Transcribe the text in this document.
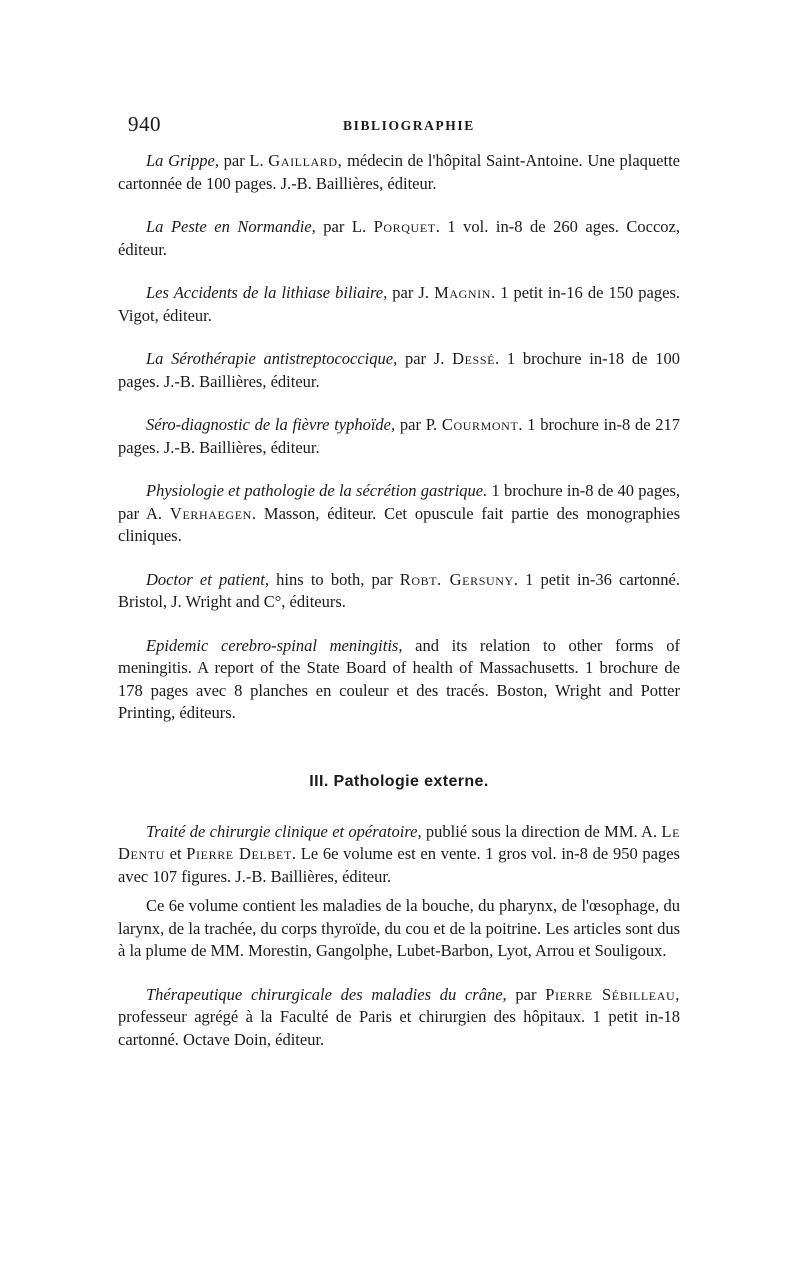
940	BIBLIOGRAPHIE

La Grippe, par L. Gaillard, médecin de l'hôpital Saint-Antoine. Une plaquette cartonnée de 100 pages. J.-B. Baillières, éditeur.

La Peste en Normandie, par L. Porquet. 1 vol. in-8 de 260 ages. Coccoz, éditeur.

Les Accidents de la lithiase biliaire, par J. Magnin. 1 petit in-16 de 150 pages. Vigot, éditeur.

La Sérothérapie antistreptococcique, par J. Dessé. 1 brochure in-18 de 100 pages. J.-B. Baillières, éditeur.

Séro-diagnostic de la fièvre typhoïde, par P. Courmont. 1 brochure in-8 de 217 pages. J.-B. Baillières, éditeur.

Physiologie et pathologie de la sécrétion gastrique. 1 brochure in-8 de 40 pages, par A. Verhaegen. Masson, éditeur. Cet opuscule fait partie des monographies cliniques.

Doctor et patient, hins to both, par Robt. Gersuny. 1 petit in-36 cartonné. Bristol, J. Wright and C°, éditeurs.

Epidemic cerebro-spinal meningitis, and its relation to other forms of meningitis. A report of the State Board of health of Massachusetts. 1 brochure de 178 pages avec 8 planches en couleur et des tracés. Boston, Wright and Potter Printing, éditeurs.

III. Pathologie externe.

Traité de chirurgie clinique et opératoire, publié sous la direction de MM. A. Le Dentu et Pierre Delbet. Le 6e volume est en vente. 1 gros vol. in-8 de 950 pages avec 107 figures. J.-B. Baillières, éditeur.

Ce 6e volume contient les maladies de la bouche, du pharynx, de l'œsophage, du larynx, de la trachée, du corps thyroïde, du cou et de la poitrine. Les articles sont dus à la plume de MM. Morestin, Gangolphe, Lubet-Barbon, Lyot, Arrou et Souligoux.

Thérapeutique chirurgicale des maladies du crâne, par Pierre Sébilleau, professeur agrégé à la Faculté de Paris et chirurgien des hôpitaux. 1 petit in-18 cartonné. Octave Doin, éditeur.
